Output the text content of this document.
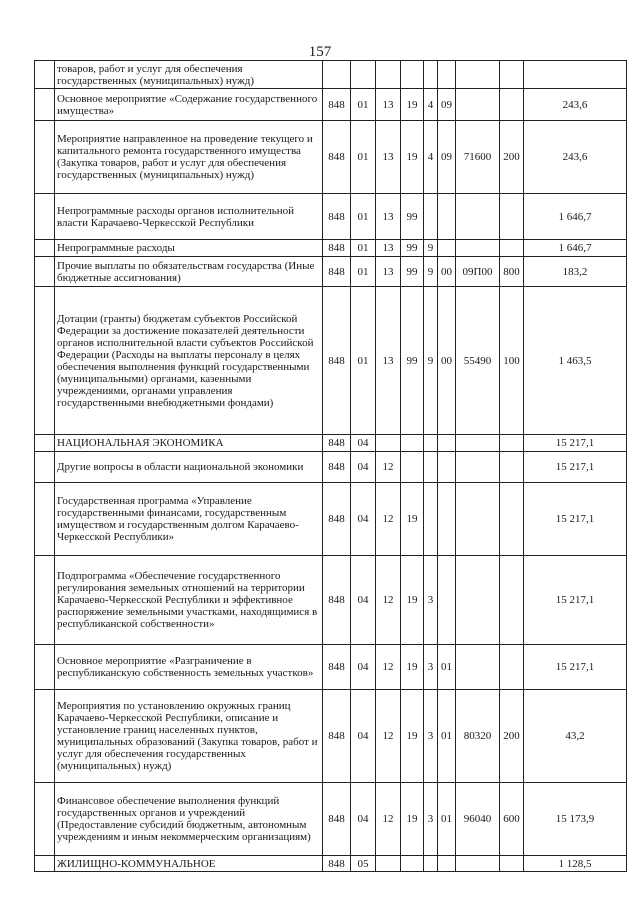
157
	товаров, работ и услуг для обеспечения государственных (муниципальных) нужд)									
	Основное мероприятие «Содержание государственного имущества»	848	01	13	19	4	09			243,6
	Мероприятие направленное на проведение текущего и капитального ремонта государственного имущества (Закупка товаров, работ и услуг для обеспечения государственных (муниципальных) нужд)	848	01	13	19	4	09	71600	200	243,6
	Непрограммные расходы органов исполнительной власти Карачаево-Черкесской Республики	848	01	13	99					1 646,7
	Непрограммные расходы	848	01	13	99	9				1 646,7
	Прочие выплаты по обязательствам государства (Иные бюджетные ассигнования)	848	01	13	99	9	00	09П00	800	183,2
	Дотации (гранты) бюджетам субъектов Российской Федерации за достижение показателей деятельности органов исполнительной власти субъектов Российской Федерации (Расходы на выплаты персоналу в целях обеспечения выполнения функций государственными (муниципальными) органами, казенными учреждениями, органами управления государственными внебюджетными фондами)	848	01	13	99	9	00	55490	100	1 463,5
	НАЦИОНАЛЬНАЯ ЭКОНОМИКА	848	04							15 217,1
	Другие вопросы в области национальной экономики	848	04	12						15 217,1
	Государственная программа «Управление государственными финансами, государственным имуществом и государственным долгом Карачаево-Черкесской Республики»	848	04	12	19					15 217,1
	Подпрограмма «Обеспечение государственного регулирования земельных отношений на территории Карачаево-Черкесской Республики и эффективное распоряжение земельными участками, находящимися в республиканской собственности»	848	04	12	19	3				15 217,1
	Основное мероприятие «Разграничение в республиканскую собственность земельных участков»	848	04	12	19	3	01			15 217,1
	Мероприятия по установлению окружных границ Карачаево-Черкесской Республики, описание и установление границ населенных пунктов, муниципальных образований (Закупка товаров, работ и услуг для обеспечения государственных (муниципальных) нужд)	848	04	12	19	3	01	80320	200	43,2
	Финансовое обеспечение выполнения функций государственных органов и учреждений (Предоставление субсидий бюджетным, автономным учреждениям и иным некоммерческим организациям)	848	04	12	19	3	01	96040	600	15 173,9
	ЖИЛИЩНО-КОММУНАЛЬНОЕ	848	05							1 128,5
